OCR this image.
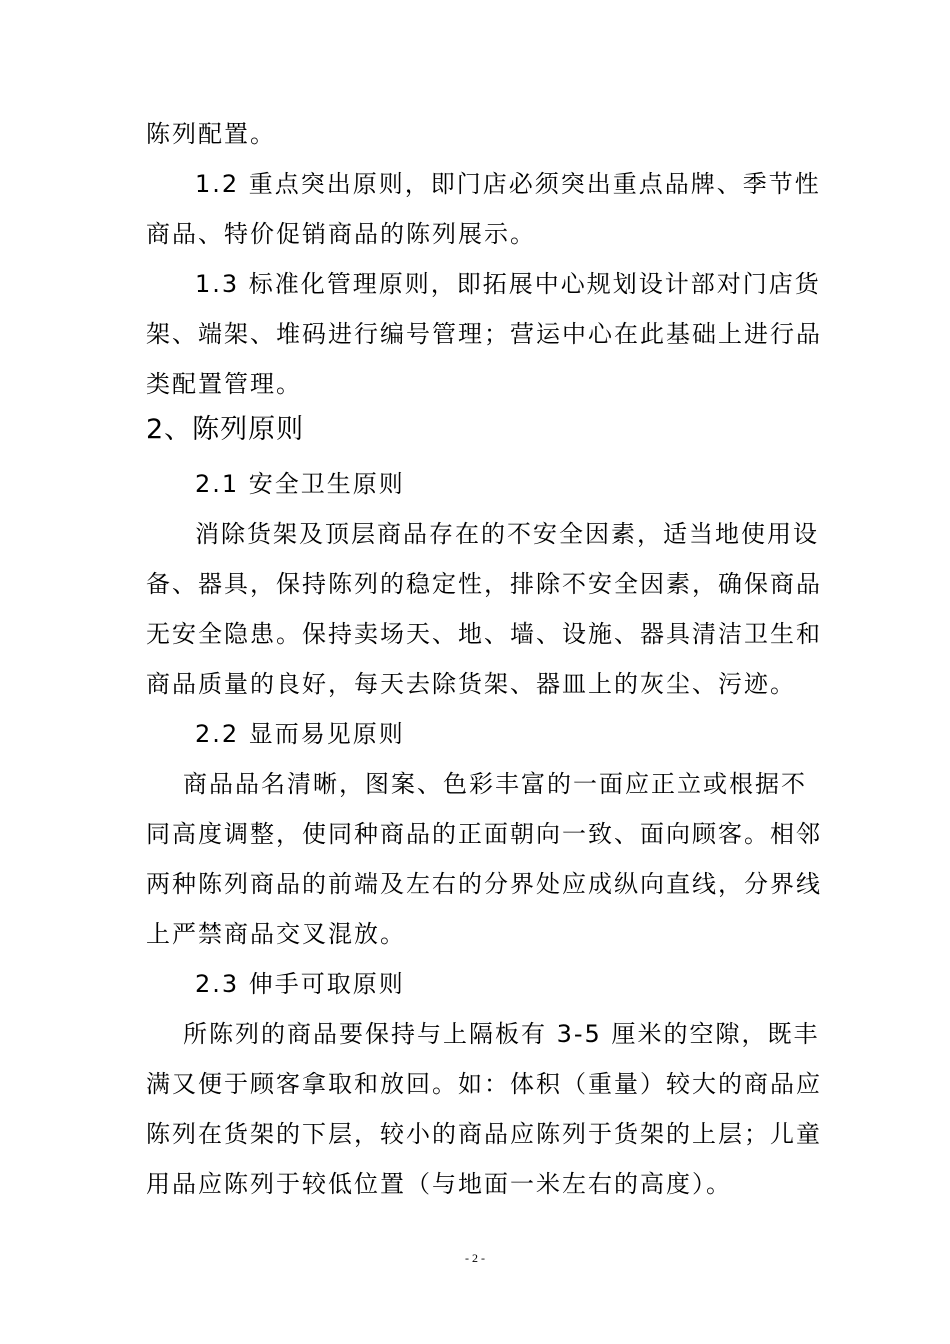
陈列配置。
1.2 重点突出原则，即门店必须突出重点品牌、季节性
商品、特价促销商品的陈列展示。
1.3 标准化管理原则，即拓展中心规划设计部对门店货
架、端架、堆码进行编号管理；营运中心在此基础上进行品
类配置管理。
2、陈列原则
2.1 安全卫生原则
消除货架及顶层商品存在的不安全因素，适当地使用设
备、器具，保持陈列的稳定性，排除不安全因素，确保商品
无安全隐患。保持卖场天、地、墙、设施、器具清洁卫生和
商品质量的良好，每天去除货架、器皿上的灰尘、污迹。
2.2 显而易见原则
商品品名清晰，图案、色彩丰富的一面应正立或根据不
同高度调整，使同种商品的正面朝向一致、面向顾客。相邻
两种陈列商品的前端及左右的分界处应成纵向直线，分界线
上严禁商品交叉混放。
2.3 伸手可取原则
所陈列的商品要保持与上隔板有 3-5 厘米的空隙，既丰
满又便于顾客拿取和放回。如：体积（重量）较大的商品应
陈列在货架的下层，较小的商品应陈列于货架的上层；儿童
用品应陈列于较低位置（与地面一米左右的高度）。
- 2 -
